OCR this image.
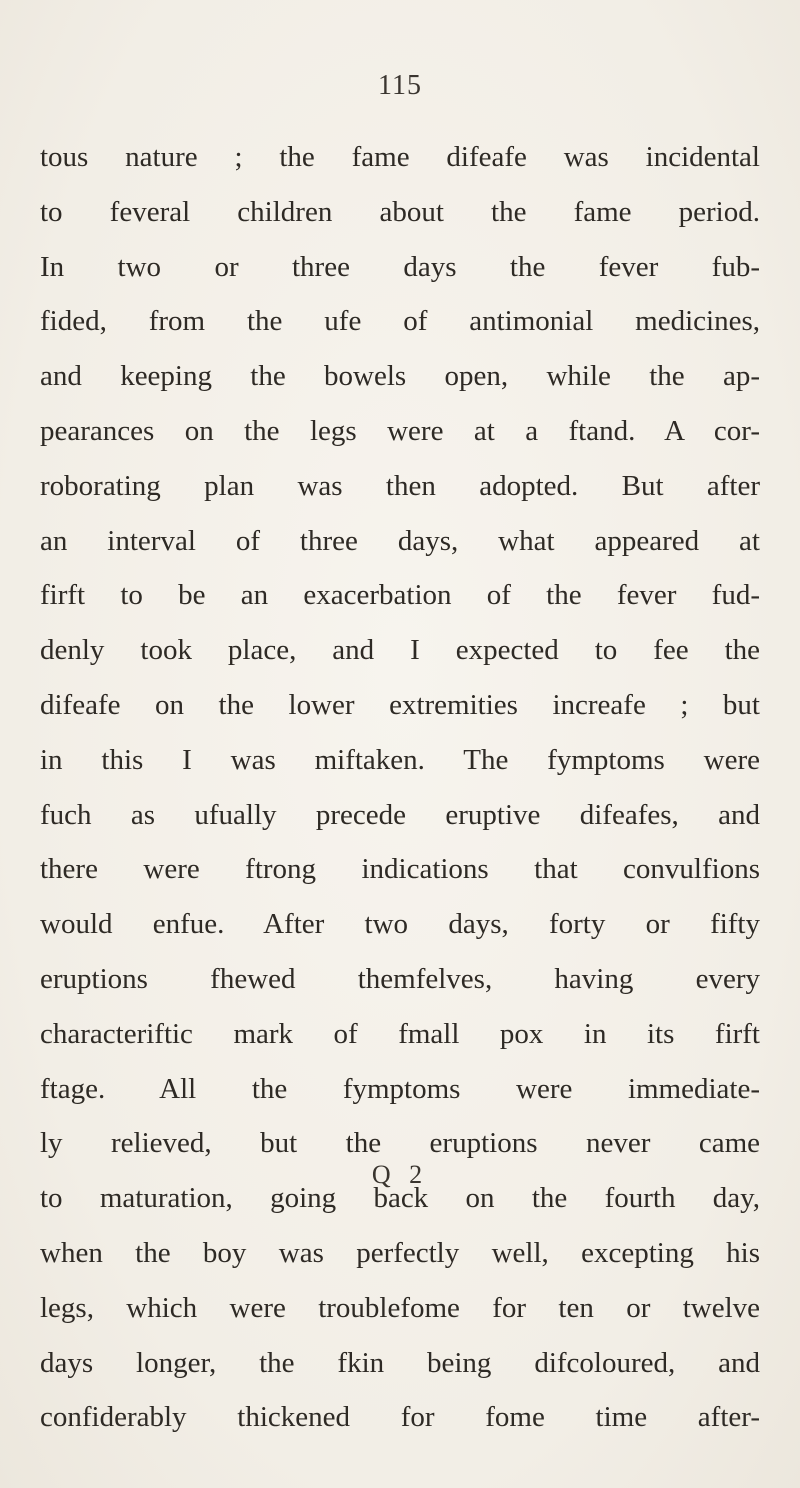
115
tous nature ; the fame difeafe was incidental
to feveral children about the fame period.
In two or three days the fever fub-
fided, from the ufe of antimonial medicines,
and keeping the bowels open, while the ap-
pearances on the legs were at a ftand. A cor-
roborating plan was then adopted. But after
an interval of three days, what appeared at
firft to be an exacerbation of the fever fud-
denly took place, and I expected to fee the
difeafe on the lower extremities increafe ; but
in this I was miftaken. The fymptoms were
fuch as ufually precede eruptive difeafes, and
there were ftrong indications that convulfions
would enfue. After two days, forty or fifty
eruptions fhewed themfelves, having every
characteriftic mark of fmall pox in its firft
ftage. All the fymptoms were immediate-
ly relieved, but the eruptions never came
to maturation, going back on the fourth day,
when the boy was perfectly well, excepting his
legs, which were troublefome for ten or twelve
days longer, the fkin being difcoloured, and
confiderably thickened for fome time after-
Q 2
